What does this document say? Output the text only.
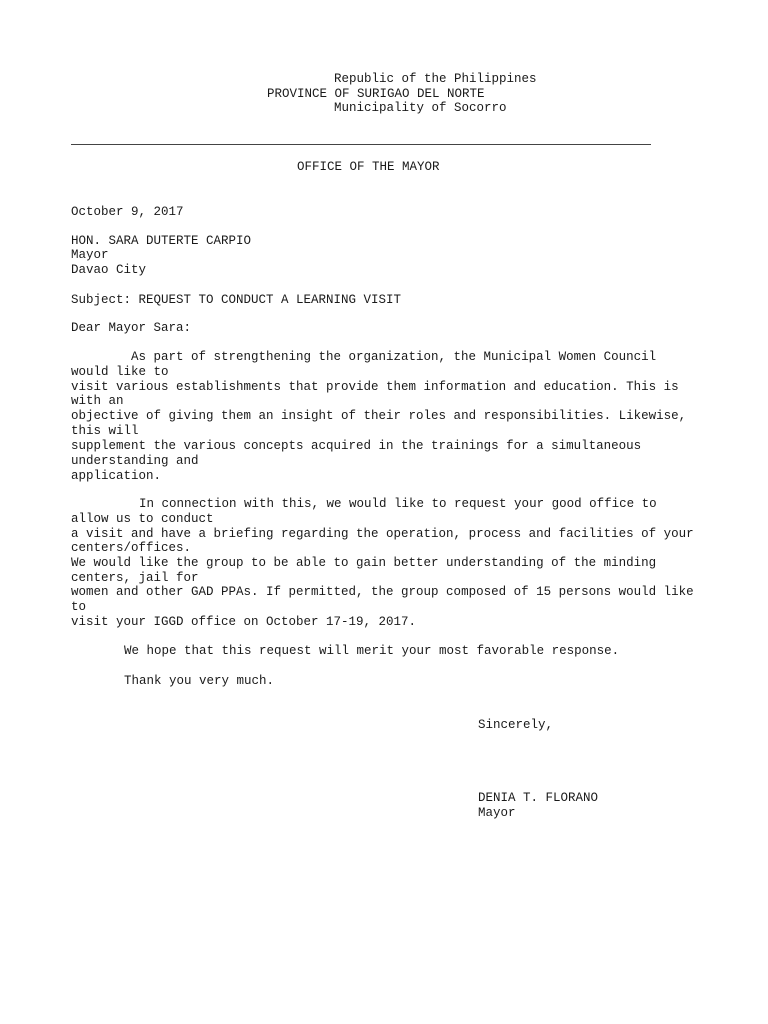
Republic of the Philippines
PROVINCE OF SURIGAO DEL NORTE
Municipality of Socorro
OFFICE OF THE MAYOR
October 9, 2017
HON. SARA DUTERTE CARPIO
Mayor
Davao City
Subject: REQUEST TO CONDUCT A LEARNING VISIT
Dear Mayor Sara:
As part of strengthening the organization, the Municipal Women Council
would like to
visit various establishments that provide them information and education. This is
with an
objective of giving them an insight of their roles and responsibilities. Likewise,
this will
supplement the various concepts acquired in the trainings for a simultaneous
understanding and
application.
In connection with this, we would like to request your good office to
allow us to conduct
a visit and have a briefing regarding the operation, process and facilities of your
centers/offices.
We would like the group to be able to gain better understanding of the minding
centers, jail for
women and other GAD PPAs. If permitted, the group composed of 15 persons would like
to
visit your IGGD office on October 17-19, 2017.
We hope that this request will merit your most favorable response.
Thank you very much.
Sincerely,
DENIA T. FLORANO
Mayor
